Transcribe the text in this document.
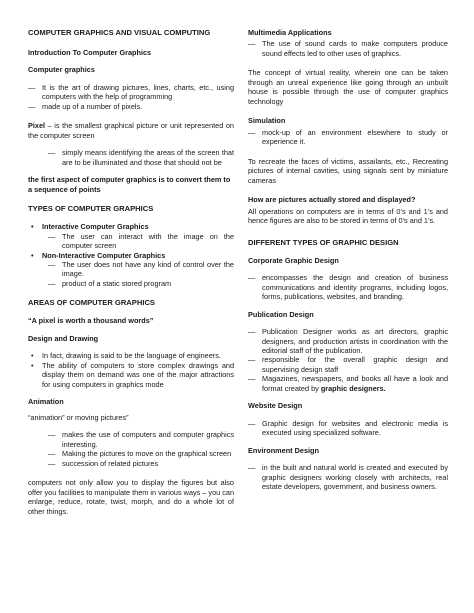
COMPUTER GRAPHICS AND VISUAL COMPUTING

Introduction To Computer Graphics

Computer graphics

— It is the art of drawing pictures, lines, charts, etc., using computers with the help of programming

— made up of a number of pixels.

Pixel – is the smallest graphical picture or unit represented on the computer screen

— simply means identifying the areas of the screen that are to be illuminated and those that should not be

the first aspect of computer graphics is to convert them to a sequence of points

TYPES OF COMPUTER GRAPHICS

• Interactive Computer Graphics

— The user can interact with the image on the computer screen

• Non-Interactive Computer Graphics

— The user does not have any kind of control over the image.

— product of a static stored program

AREAS OF COMPUTER GRAPHICS

“A pixel is worth a thousand words”

Design and Drawing

• In fact, drawing is said to be the language of engineers.

• The ability of computers to store complex drawings and display them on demand was one of the major attractions for using computers in graphics mode

Animation

“animation” or moving pictures”

— makes the use of computers and computer graphics interesting.

— Making the pictures to move on the graphical screen

— succession of related pictures

computers not only allow you to display the figures but also offer you facilities to manipulate them in various ways – you can enlarge, reduce, rotate, twist, morph, and do a whole lot of other things.

Multimedia Applications

— The use of sound cards to make computers produce sound effects led to other uses of graphics.

The concept of virtual reality, wherein one can be taken through an unreal experience like going through an unbuilt house is possible through the use of computer graphics technology

Simulation

— mock-up of an environment elsewhere to study or experience it.

To recreate the faces of victims, assailants, etc., Recreating pictures of internal cavities, using signals sent by miniature cameras

How are pictures actually stored and displayed?

All operations on computers are in terms of 0’s and 1’s and hence figures are also to be stored in terms of 0’s and 1’s.

DIFFERENT TYPES OF GRAPHIC DESIGN

Corporate Graphic Design

— encompasses the design and creation of business communications and identity programs, including logos, forms, publications, websites, and branding.

Publication Design

— Publication Designer works as art directors, graphic designers, and production artists in coordination with the editorial staff of the publication.

— responsible for the overall graphic design and supervising design staff

— Magazines, newspapers, and books all have a look and format created by graphic designers.

Website Design

— Graphic design for websites and electronic media is executed using specialized software.

Environment Design

— in the built and natural world is created and executed by graphic designers working closely with architects, real estate developers, government, and business owners.
